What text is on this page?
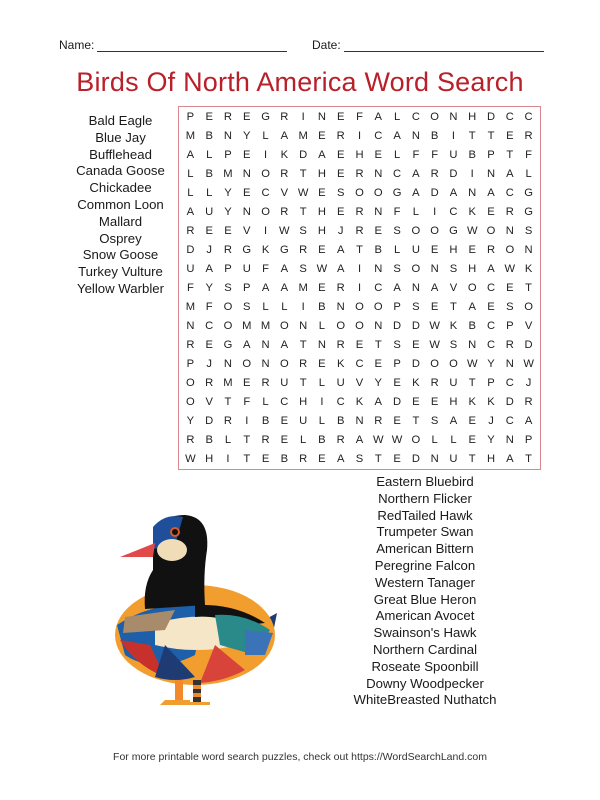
Name:	Date:
Birds Of North America Word Search
Bald Eagle
Blue Jay
Bufflehead
Canada Goose
Chickadee
Common Loon
Mallard
Osprey
Snow Goose
Turkey Vulture
Yellow Warbler
P	E R E G R	I	N E	F	A	L	C O N H D C C
M B N Y	L	A M E R	I	C A N B	I	T	T	E R
A	L	P	E	I	K D A	E H E	L	F	F	U B	P	T	F
L	B M N O R	T	H E R N C A R D	I	N A	L
L	L	Y	E C V W E	S O O G A D A N A C G
A U Y N O R	T	H E R N	F	L	I	C K	E R G
R E	E	V	I	W S H	J	R E	S O O G W O N S
D	J	R G K G R E	A	T	B	L	U E H E R O N
U A	P U	F	A	S W A	I	N S O N S H A W K
F	Y	S	P	A	A M E R	I	C A N A	V O C E	T
M F O S	L	L	I	B N O O P	S	E	T	A	E	S O
N C O M M O N	L	O O N D D W K	B C P	V
R E G A N A	T	N R E	T	S	E W S N C R D
P	J	N O N O R E	K C E	P D O O W Y N W
O R M E R U	T	L	U V	Y	E	K R U	T	P C	J
O V	T	F	L	C H	I	C K	A D E	E H K	K D R
Y D R	I	B	E U	L	B N R E	T	S	A	E	J	C A
R B	L	T	R E	L	B R A W W O	L	L	E	Y N P
W H	I	T	E	B R E	A	S	T	E D N U	T	H A	T
Eastern Bluebird
Northern Flicker
RedTailed Hawk
Trumpeter Swan
American Bittern
Peregrine Falcon
Western Tanager
Great Blue Heron
American Avocet
Swainson's Hawk
Northern Cardinal
Roseate Spoonbill
Downy Woodpecker
WhiteBreasted Nuthatch
For more printable word search puzzles, check out https://WordSearchLand.com
